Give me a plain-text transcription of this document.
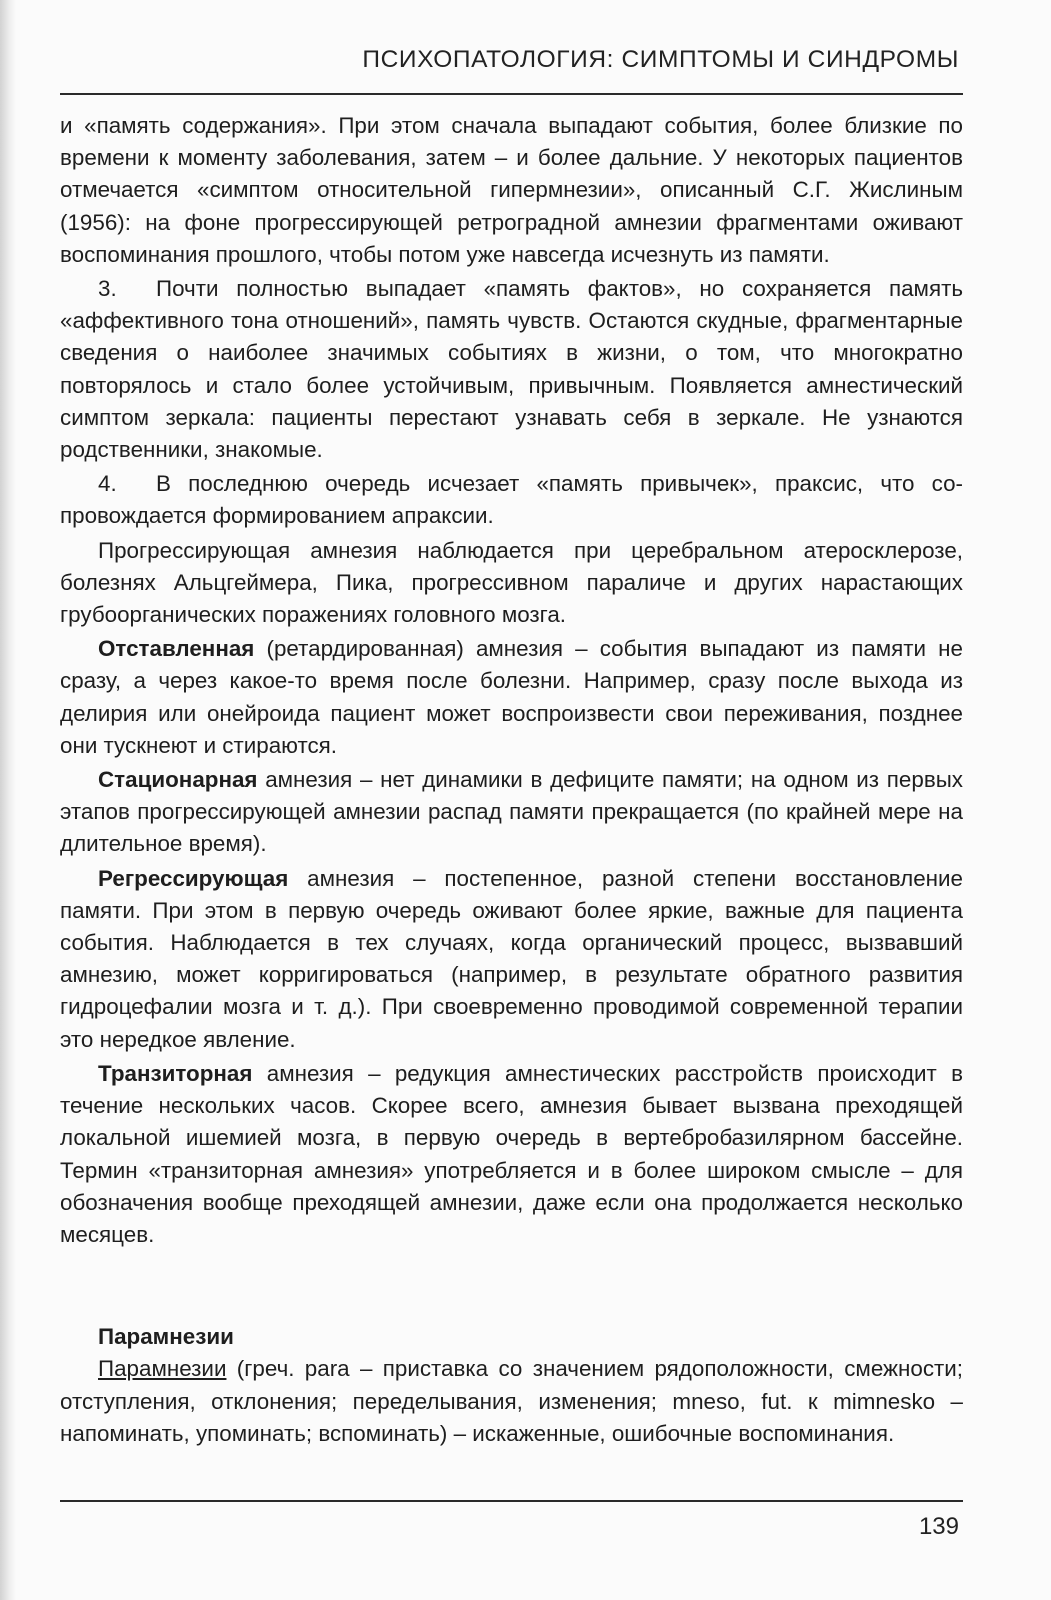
ПСИХОПАТОЛОГИЯ: СИМПТОМЫ И СИНДРОМЫ

и «память содержания». При этом сначала выпадают события, более близкие по времени к моменту заболевания, затем – и более дальние. У некоторых пациентов отмечается «симптом относительной гипермнезии», описанный С.Г. Жислиным (1956): на фоне прогрессирующей ретроградной амнезии фрагментами оживают воспоминания прошлого, чтобы потом уже навсегда исчезнуть из памяти.

3. Почти полностью выпадает «память фактов», но сохраняется память «аффективного тона отношений», память чувств. Остаются скудные, фрагментарные сведения о наиболее значимых событиях в жизни, о том, что многократно повторялось и стало более устойчивым, привычным. Появляется амнестический симптом зеркала: пациенты перестают узнавать себя в зеркале. Не узнаются родственники, знакомые.

4. В последнюю очередь исчезает «память привычек», праксис, что сопровождается формированием апраксии.

Прогрессирующая амнезия наблюдается при церебральном атеросклерозе, болезнях Альцгеймера, Пика, прогрессивном параличе и других нарастающих грубоорганических поражениях головного мозга.

Отставленная (ретардированная) амнезия – события выпадают из памяти не сразу, а через какое-то время после болезни. Например, сразу после выхода из делирия или онейроида пациент может воспроизвести свои переживания, позднее они тускнеют и стираются.

Стационарная амнезия – нет динамики в дефиците памяти; на одном из первых этапов прогрессирующей амнезии распад памяти прекращается (по крайней мере на длительное время).

Регрессирующая амнезия – постепенное, разной степени восстановление памяти. При этом в первую очередь оживают более яркие, важные для пациента события. Наблюдается в тех случаях, когда органический процесс, вызвавший амнезию, может корригироваться (например, в результате обратного развития гидроцефалии мозга и т. д.). При своевременно проводимой современной терапии это нередкое явление.

Транзиторная амнезия – редукция амнестических расстройств происходит в течение нескольких часов. Скорее всего, амнезия бывает вызвана преходящей локальной ишемией мозга, в первую очередь в вертебробазилярном бассейне. Термин «транзиторная амнезия» употребляется и в более широком смысле – для обозначения вообще преходящей амнезии, даже если она продолжается несколько месяцев.

Парамнезии

Парамнезии (греч. para – приставка со значением рядоположности, смежности; отступления, отклонения; переделывания, изменения; mneso, fut. к mimnesko – напоминать, упоминать; вспоминать) – искаженные, ошибочные воспоминания.

139
